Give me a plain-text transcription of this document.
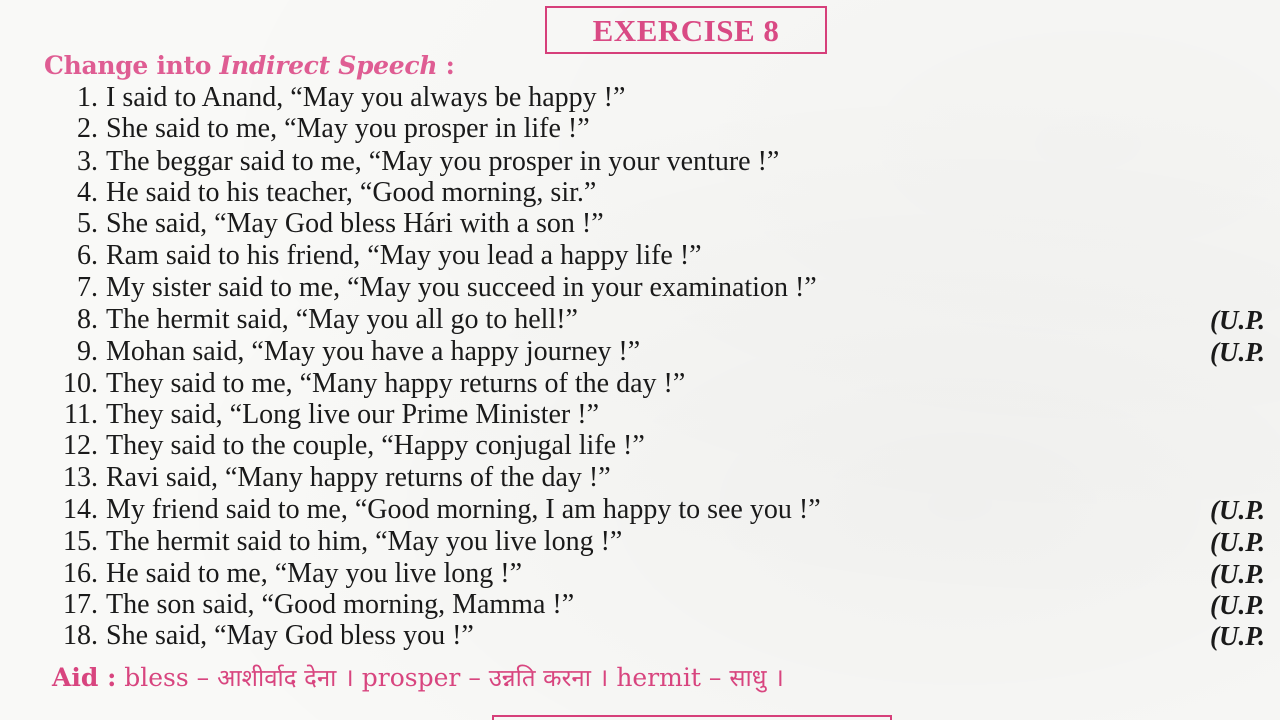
EXERCISE 8
Change into Indirect Speech :
1. I said to Anand, “May you always be happy !”
2. She said to me, “May you prosper in life !”
3. The beggar said to me, “May you prosper in your venture !”
4. He said to his teacher, “Good morning, sir.”
5. She said, “May God bless Hári with a son !”
6. Ram said to his friend, “May you lead a happy life !”
7. My sister said to me, “May you succeed in your examination !”
8. The hermit said, “May you all go to hell!”	(U.P.
9. Mohan said, “May you have a happy journey !”	(U.P.
10. They said to me, “Many happy returns of the day !”
11. They said, “Long live our Prime Minister !”
12. They said to the couple, “Happy conjugal life !”
13. Ravi said, “Many happy returns of the day !”
14. My friend said to me, “Good morning, I am happy to see you !”	(U.P.
15. The hermit said to him, “May you live long !”	(U.P.
16. He said to me, “May you live long !”	(U.P.
17. The son said, “Good morning, Mamma !”	(U.P.
18. She said, “May God bless you !”	(U.P.
Aid : bless – आशीर्वाद देना । prosper – उन्नति करना । hermit – साधु ।
